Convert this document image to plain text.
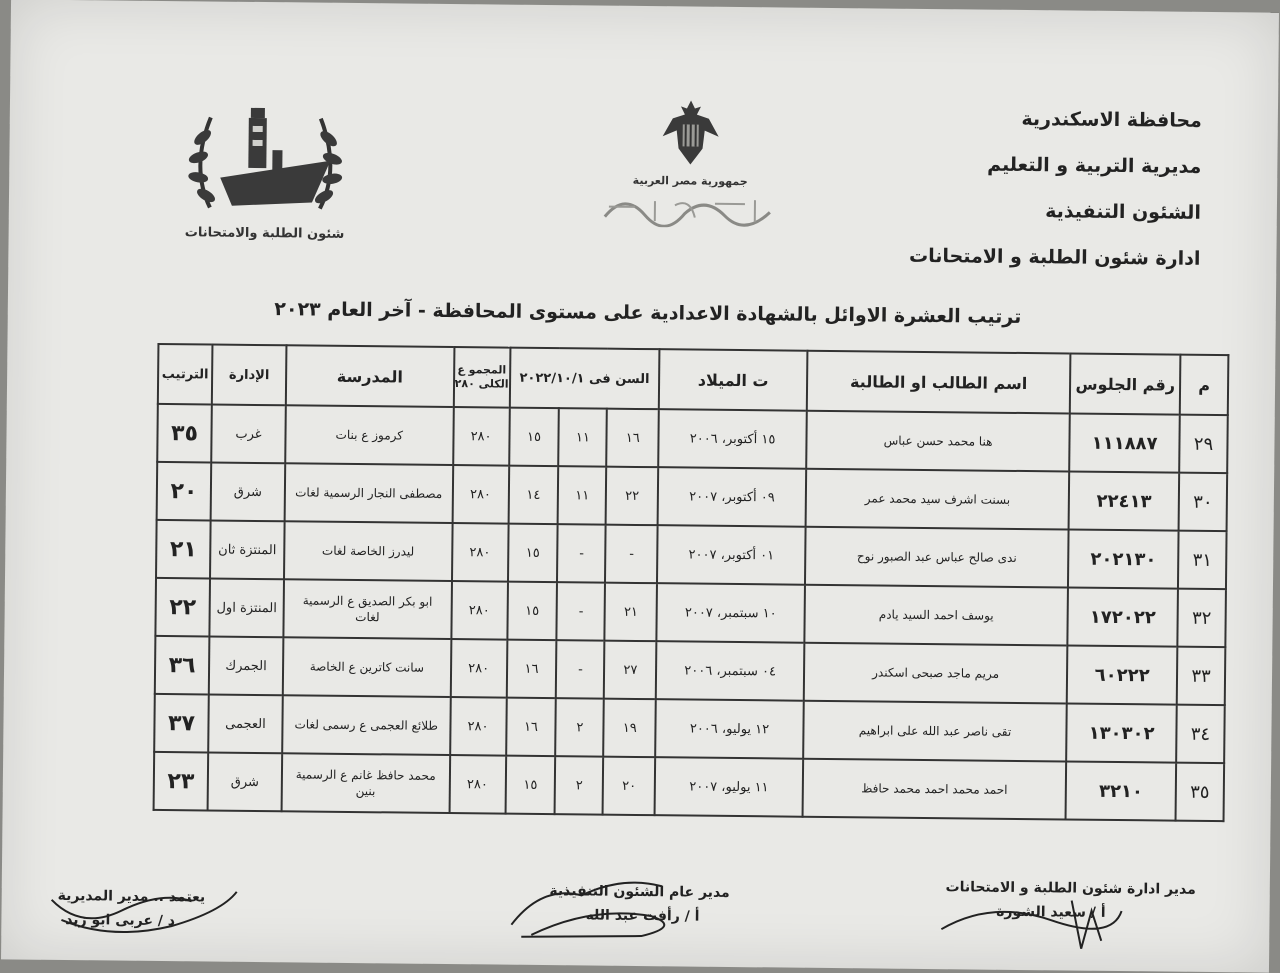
محافظة الاسكندرية
مديرية التربية و التعليم
الشئون التنفيذية
ادارة شئون الطلبة و الامتحانات
جمهورية مصر العربية
شئون الطلبة والامتحانات
ترتيب العشرة الاوائل بالشهادة الاعدادية على مستوى المحافظة - آخر العام ٢٠٢٣
م	رقم الجلوس	اسم الطالب او الطالبة	ت الميلاد	السن فى ٢٠٢٢/١٠/١			المجمو ع الكلى ٢٨٠	المدرسة	الإدارة	الترتيب
٢٩	١١١٨٨٧	هنا محمد حسن عباس	١٥ أكتوبر، ٢٠٠٦	١٦	١١	١٥	٢٨٠	كرموز ع بنات	غرب	٣٥
٣٠	٢٢٤١٣	بسنت اشرف سيد محمد عمر	٠٩ أكتوبر، ٢٠٠٧	٢٢	١١	١٤	٢٨٠	مصطفى النجار الرسمية لغات	شرق	٢٠
٣١	٢٠٢١٣٠	ندى صالح عباس عبد الصبور نوح	٠١ أكتوبر، ٢٠٠٧	-	-	١٥	٢٨٠	ليدرز الخاصة لغات	المنتزة ثان	٢١
٣٢	١٧٢٠٢٢	يوسف احمد السيد يادم	١٠ سبتمبر، ٢٠٠٧	٢١	-	١٥	٢٨٠	ابو بكر الصديق ع الرسمية لغات	المنتزة اول	٢٢
٣٣	٦٠٢٢٢	مريم ماجد صبحى اسكندر	٠٤ سبتمبر، ٢٠٠٦	٢٧	-	١٦	٢٨٠	سانت كاترين ع الخاصة	الجمرك	٣٦
٣٤	١٣٠٣٠٢	تقى ناصر عبد الله على ابراهيم	١٢ يوليو، ٢٠٠٦	١٩	٢	١٦	٢٨٠	طلائع العجمى ع رسمى لغات	العجمى	٣٧
٣٥	٣٢١٠	احمد محمد احمد محمد حافظ	١١ يوليو، ٢٠٠٧	٢٠	٢	١٥	٢٨٠	محمد حافظ غانم ع الرسمية بنين	شرق	٢٣
مدير ادارة شئون الطلبة و الامتحانات
أ / سعيد الشورة
مدير عام الشئون التنفيذية
أ / رأفت عبد الله
يعتمد .. مدير المديرية
د / عربى ابو زيد
